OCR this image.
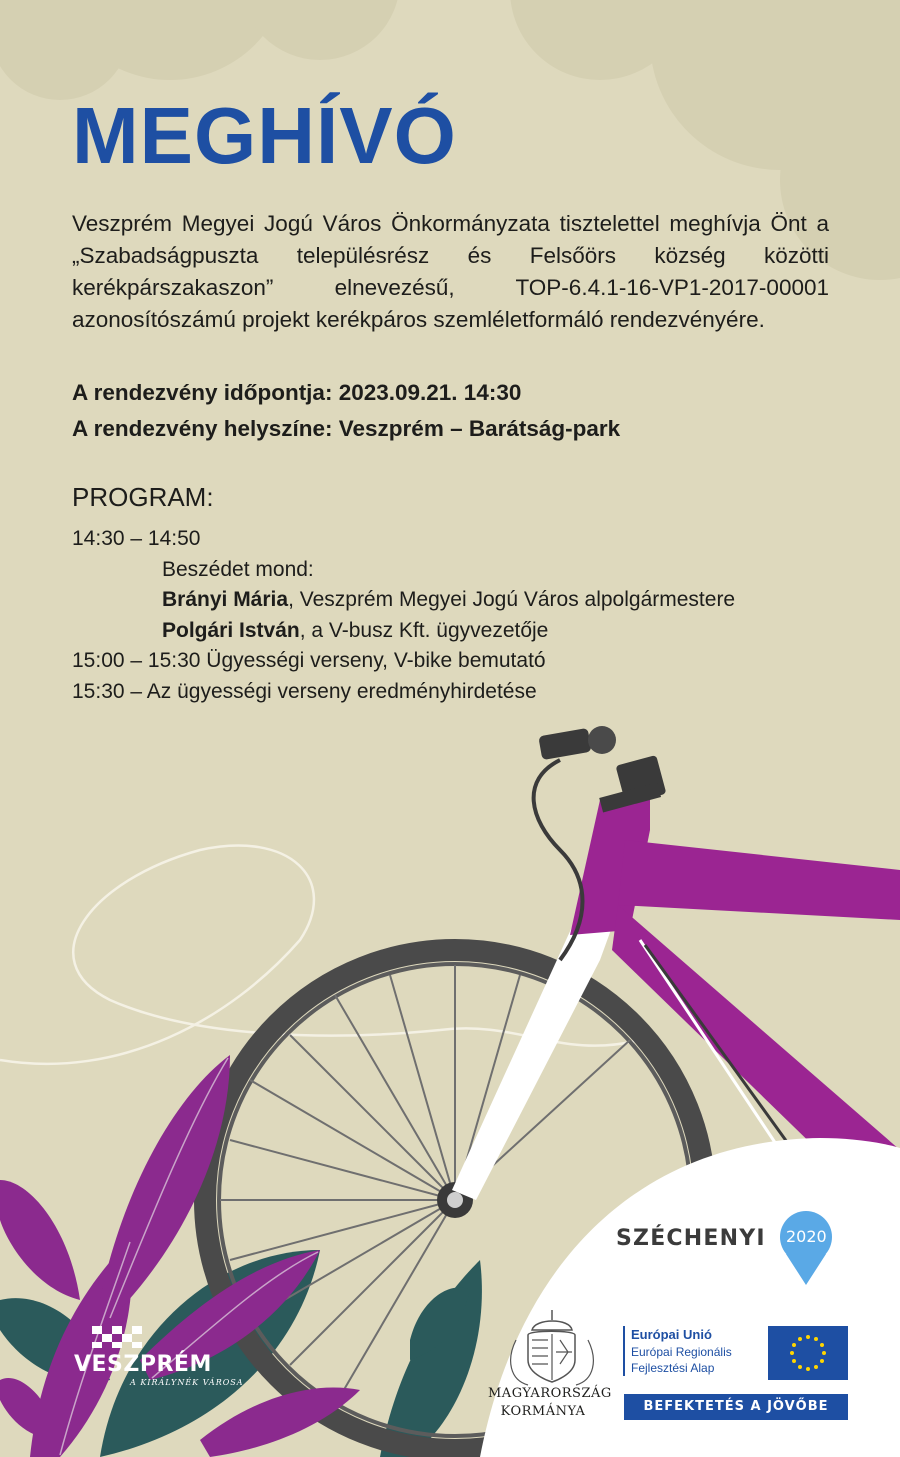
MEGHÍVÓ

Veszprém Megyei Jogú Város Önkormányzata tisztelettel meghívja Önt a „Szabadságpuszta településrész és Felsőörs község közötti kerékpárszakaszon” elnevezésű, TOP-6.4.1-16-VP1-2017-00001 azonosítószámú projekt kerékpáros szemléletformáló rendezvényére.

A rendezvény időpontja: 2023.09.21. 14:30

A rendezvény helyszíne: Veszprém – Barátság-park

PROGRAM:
14:30 – 14:50
Beszédet mond:
Brányi Mária, Veszprém Megyei Jogú Város alpolgármestere
Polgári István, a V-busz Kft. ügyvezetője
15:00 – 15:30 Ügyességi verseny, V-bike bemutató
15:30 – Az ügyességi verseny eredményhirdetése
SZÉCHENYI 2020
MAGYARORSZÁG
KORMÁNYA
Európai Unió
Európai Regionális
Fejlesztési Alap
BEFEKTETÉS A JÖVŐBE
VESZPRÉM
A KIRÁLYNÉK VÁROSA
